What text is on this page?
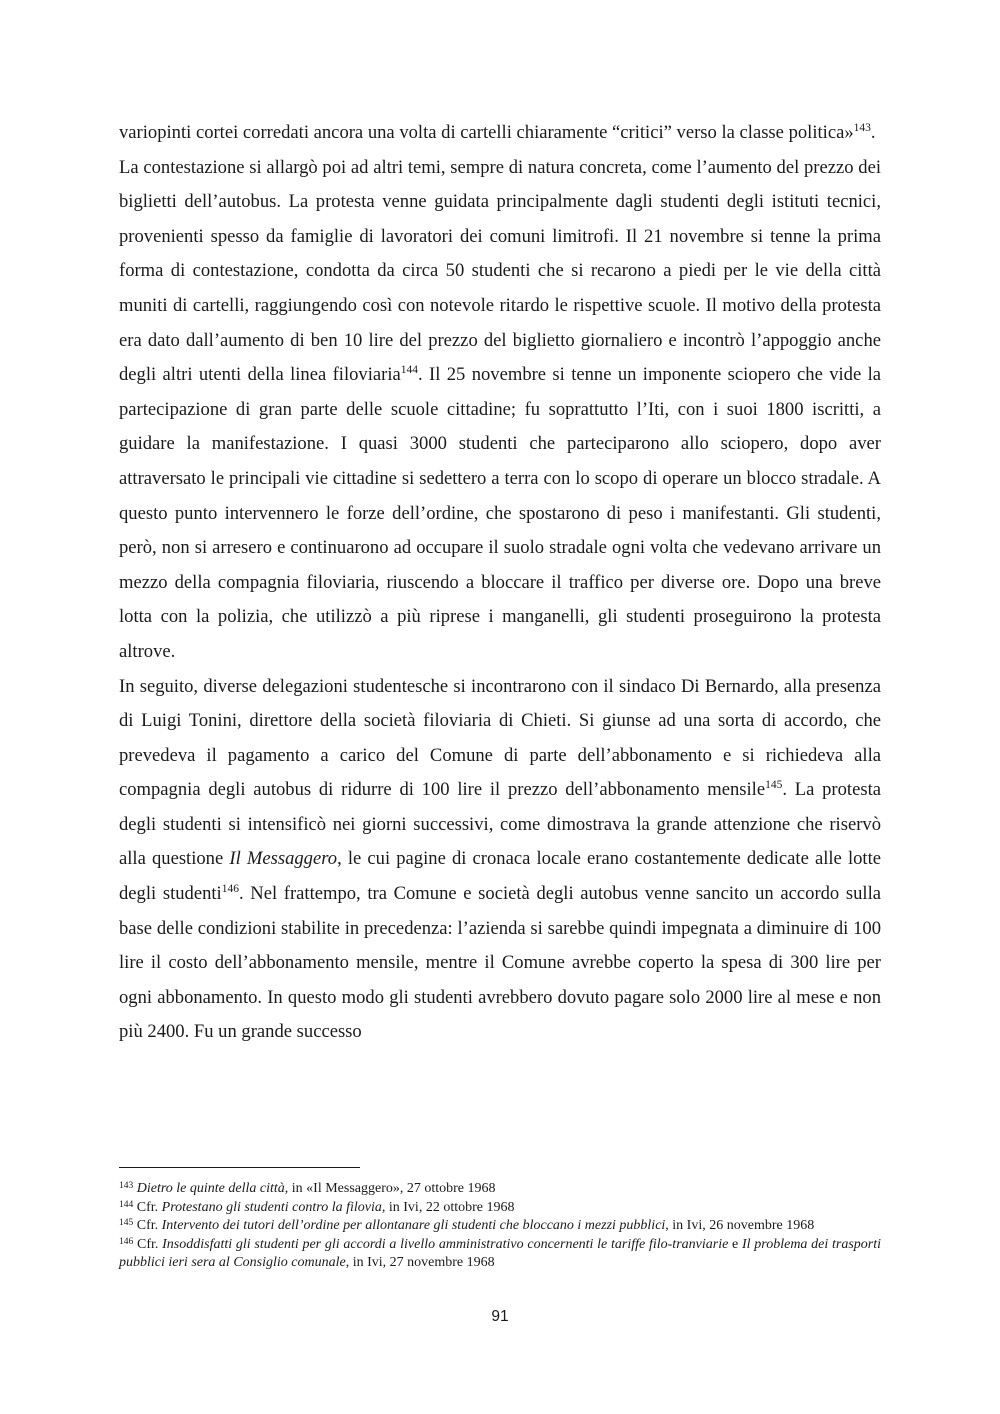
variopinti cortei corredati ancora una volta di cartelli chiaramente “critici” verso la classe politica»$^{143}$.

La contestazione si allargò poi ad altri temi, sempre di natura concreta, come l’aumento del prezzo dei biglietti dell’autobus. La protesta venne guidata principalmente dagli studenti degli istituti tecnici, provenienti spesso da famiglie di lavoratori dei comuni limitrofi. Il 21 novembre si tenne la prima forma di contestazione, condotta da circa 50 studenti che si recarono a piedi per le vie della città muniti di cartelli, raggiungendo così con notevole ritardo le rispettive scuole. Il motivo della protesta era dato dall’aumento di ben 10 lire del prezzo del biglietto giornaliero e incontrò l’appoggio anche degli altri utenti della linea filoviaria$^{144}$. Il 25 novembre si tenne un imponente sciopero che vide la partecipazione di gran parte delle scuole cittadine; fu soprattutto l’Iti, con i suoi 1800 iscritti, a guidare la manifestazione. I quasi 3000 studenti che parteciparono allo sciopero, dopo aver attraversato le principali vie cittadine si sedettero a terra con lo scopo di operare un blocco stradale. A questo punto intervennero le forze dell’ordine, che spostarono di peso i manifestanti. Gli studenti, però, non si arresero e continuarono ad occupare il suolo stradale ogni volta che vedevano arrivare un mezzo della compagnia filoviaria, riuscendo a bloccare il traffico per diverse ore. Dopo una breve lotta con la polizia, che utilizzò a più riprese i manganelli, gli studenti proseguirono la protesta altrove.

In seguito, diverse delegazioni studentesche si incontrarono con il sindaco Di Bernardo, alla presenza di Luigi Tonini, direttore della società filoviaria di Chieti. Si giunse ad una sorta di accordo, che prevedeva il pagamento a carico del Comune di parte dell’abbonamento e si richiedeva alla compagnia degli autobus di ridurre di 100 lire il prezzo dell’abbonamento mensile$^{145}$. La protesta degli studenti si intensificò nei giorni successivi, come dimostrava la grande attenzione che riservò alla questione Il Messaggero, le cui pagine di cronaca locale erano costantemente dedicate alle lotte degli studenti$^{146}$. Nel frattempo, tra Comune e società degli autobus venne sancito un accordo sulla base delle condizioni stabilite in precedenza: l’azienda si sarebbe quindi impegnata a diminuire di 100 lire il costo dell’abbonamento mensile, mentre il Comune avrebbe coperto la spesa di 300 lire per ogni abbonamento. In questo modo gli studenti avrebbero dovuto pagare solo 2000 lire al mese e non più 2400. Fu un grande successo

$^{143}$ Dietro le quinte della città, in «Il Messaggero», 27 ottobre 1968

$^{144}$ Cfr. Protestano gli studenti contro la filovia, in Ivi, 22 ottobre 1968

$^{145}$ Cfr. Intervento dei tutori dell’ordine per allontanare gli studenti che bloccano i mezzi pubblici, in Ivi, 26 novembre 1968

$^{146}$ Cfr. Insoddisfatti gli studenti per gli accordi a livello amministrativo concernenti le tariffe filo-tranviarie e Il problema dei trasporti pubblici ieri sera al Consiglio comunale, in Ivi, 27 novembre 1968

91
